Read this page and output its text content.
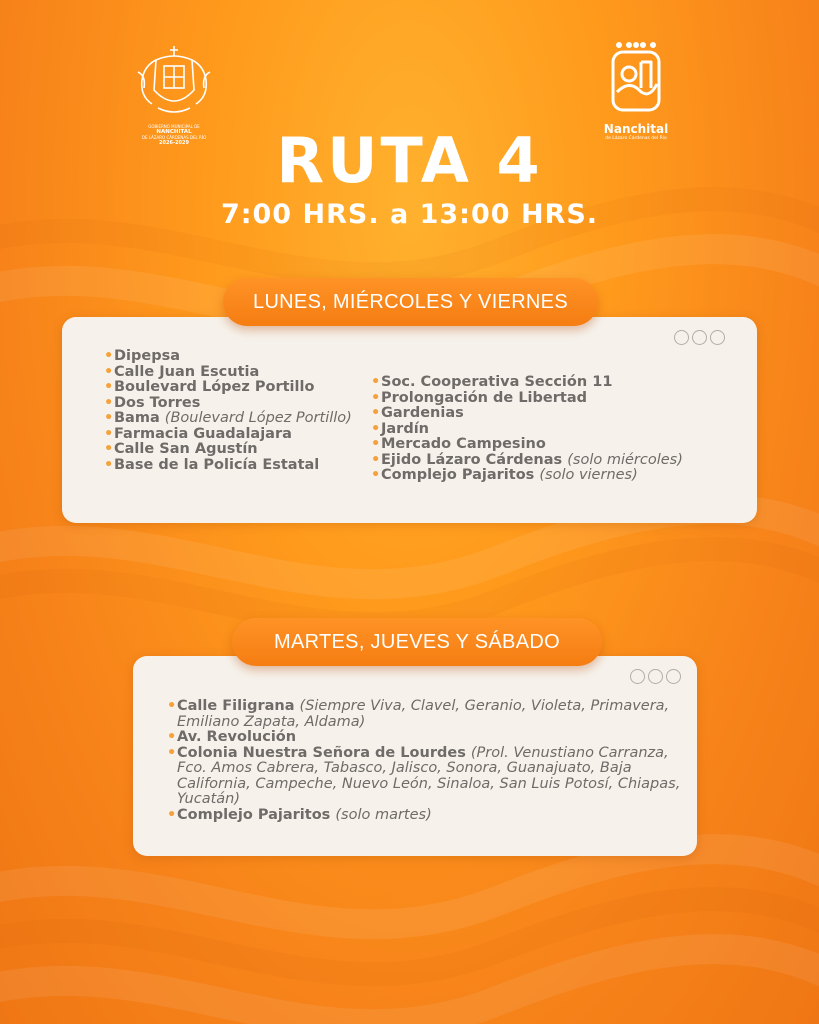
GOBIERNO MUNICIPAL DE
NANCHITAL
DE LÁZARO CÁRDENAS DEL RÍO
2026-2029
Nanchital
de Lázaro Cárdenas del Río
RUTA 4
7:00 HRS. a 13:00 HRS.
LUNES, MIÉRCOLES Y VIERNES
• Dipepsa
• Calle Juan Escutia
• Boulevard López Portillo
• Dos Torres
• Bama (Boulevard López Portillo)
• Farmacia Guadalajara
• Calle San Agustín
• Base de la Policía Estatal
• Soc. Cooperativa Sección 11
• Prolongación de Libertad
• Gardenias
• Jardín
• Mercado Campesino
• Ejido Lázaro Cárdenas (solo miércoles)
• Complejo Pajaritos (solo viernes)
MARTES, JUEVES Y SÁBADO
• Calle Filigrana (Siempre Viva, Clavel, Geranio, Violeta, Primavera, Emiliano Zapata, Aldama)
• Av. Revolución
• Colonia Nuestra Señora de Lourdes (Prol. Venustiano Carranza, Fco. Amos Cabrera, Tabasco, Jalisco, Sonora, Guanajuato, Baja California, Campeche, Nuevo León, Sinaloa, San Luis Potosí, Chiapas, Yucatán)
• Complejo Pajaritos (solo martes)
